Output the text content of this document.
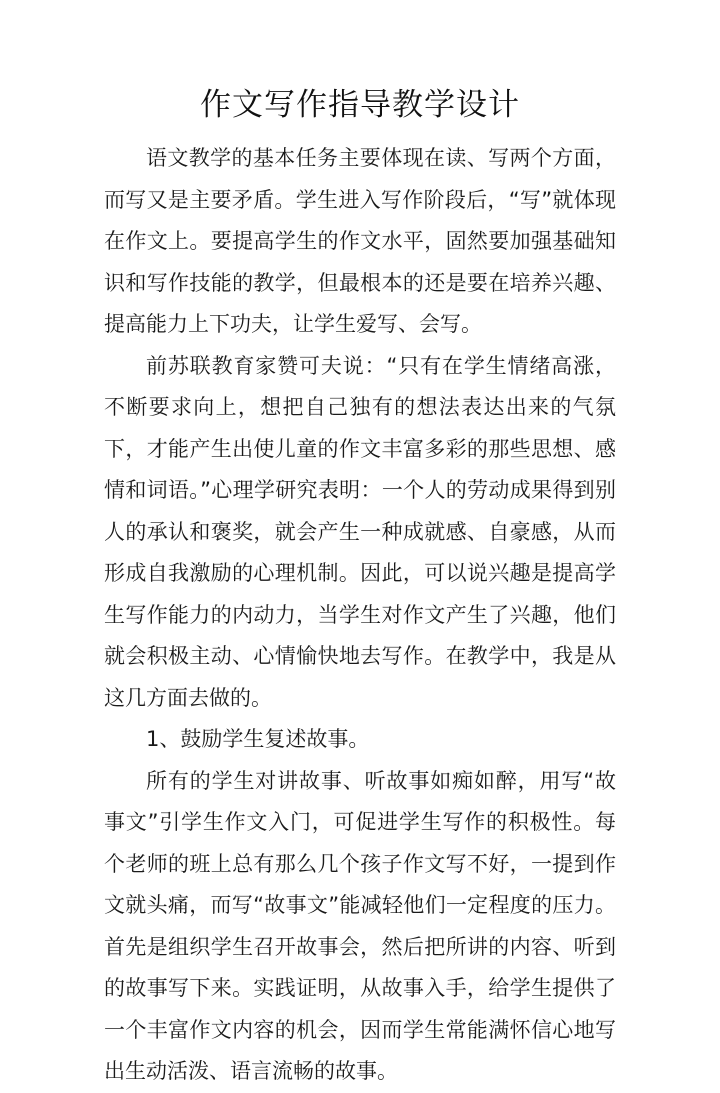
作文写作指导教学设计

语文教学的基本任务主要体现在读、写两个方面，而写又是主要矛盾。学生进入写作阶段后，“写”就体现在作文上。要提高学生的作文水平，固然要加强基础知识和写作技能的教学，但最根本的还是要在培养兴趣、提高能力上下功夫，让学生爱写、会写。

前苏联教育家赞可夫说：“只有在学生情绪高涨，不断要求向上，想把自己独有的想法表达出来的气氛下，才能产生出使儿童的作文丰富多彩的那些思想、感情和词语。”心理学研究表明：一个人的劳动成果得到别人的承认和褒奖，就会产生一种成就感、自豪感，从而形成自我激励的心理机制。因此，可以说兴趣是提高学生写作能力的内动力，当学生对作文产生了兴趣，他们就会积极主动、心情愉快地去写作。在教学中，我是从这几方面去做的。

1、鼓励学生复述故事。

所有的学生对讲故事、听故事如痴如醉，用写“故事文”引学生作文入门，可促进学生写作的积极性。每个老师的班上总有那么几个孩子作文写不好，一提到作文就头痛，而写“故事文”能减轻他们一定程度的压力。首先是组织学生召开故事会，然后把所讲的内容、听到的故事写下来。实践证明，从故事入手，给学生提供了一个丰富作文内容的机会，因而学生常能满怀信心地写出生动活泼、语言流畅的故事。
